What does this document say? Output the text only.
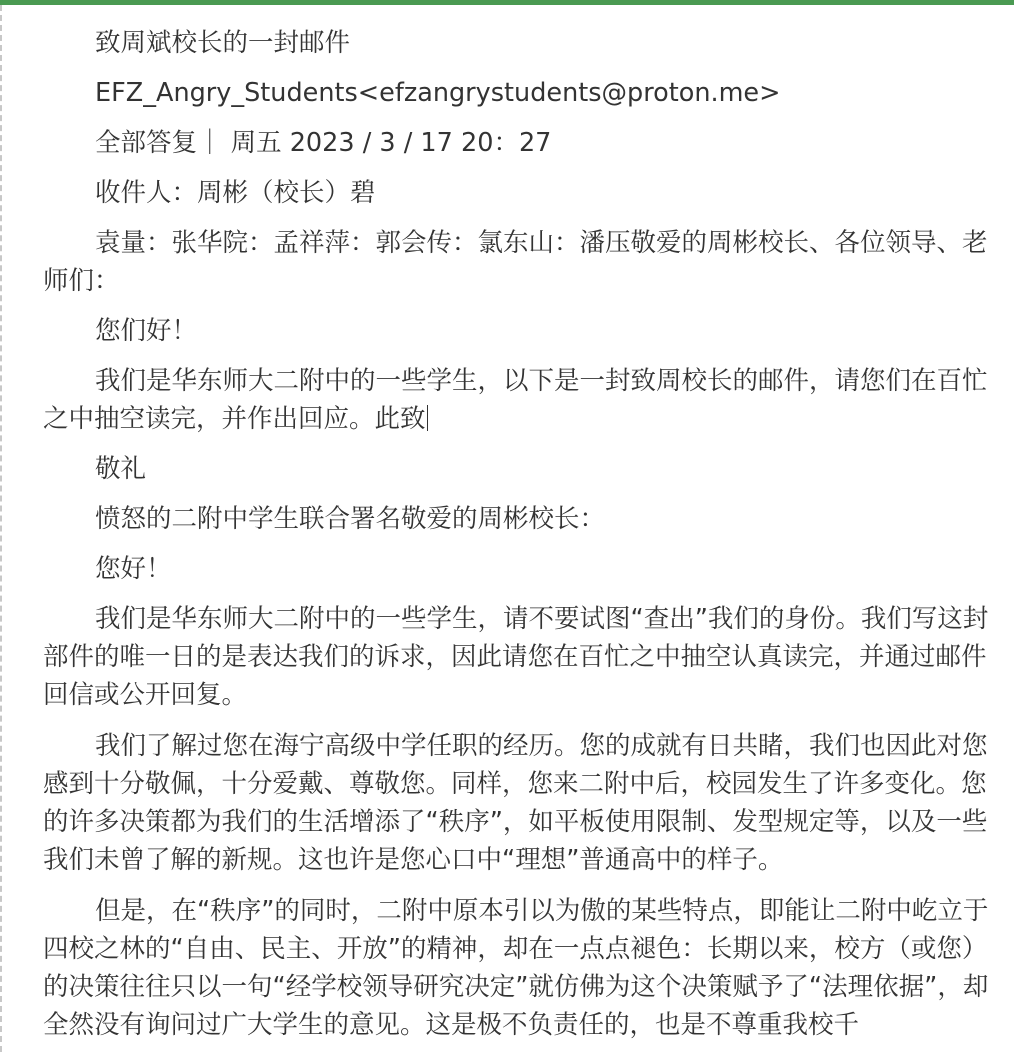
致周斌校长的一封邮件

EFZ_Angry_Students<efzangrystudents@proton.me>

全部答复｜ 周五 2023 / 3 / 17 20：27

收件人：周彬（校长）碧

袁量：张华院：孟祥萍：郭会传：氯东山：潘压敬爱的周彬校长、各位领导、老师们：

您们好！

我们是华东师大二附中的一些学生，以下是一封致周校长的邮件，请您们在百忙之中抽空读完，并作出回应。此致

敬礼

愤怒的二附中学生联合署名敬爱的周彬校长：

您好！

我们是华东师大二附中的一些学生，请不要试图“查出”我们的身份。我们写这封部件的唯一日的是表达我们的诉求，因此请您在百忙之中抽空认真读完，并通过邮件回信或公开回复。

我们了解过您在海宁高级中学任职的经历。您的成就有日共睹，我们也因此对您感到十分敬佩，十分爱戴、尊敬您。同样，您来二附中后，校园发生了许多变化。您的许多决策都为我们的生活增添了“秩序”，如平板使用限制、发型规定等，以及一些我们未曾了解的新规。这也许是您心口中“理想”普通高中的样子。

但是，在“秩序”的同时，二附中原本引以为傲的某些特点，即能让二附中屹立于四校之林的“自由、民主、开放”的精神，却在一点点褪色：长期以来，校方（或您）的决策往往只以一句“经学校领导研究决定”就仿佛为这个决策赋予了“法理依据”，却全然没有询问过广大学生的意见。这是极不负责任的，也是不尊重我校千
